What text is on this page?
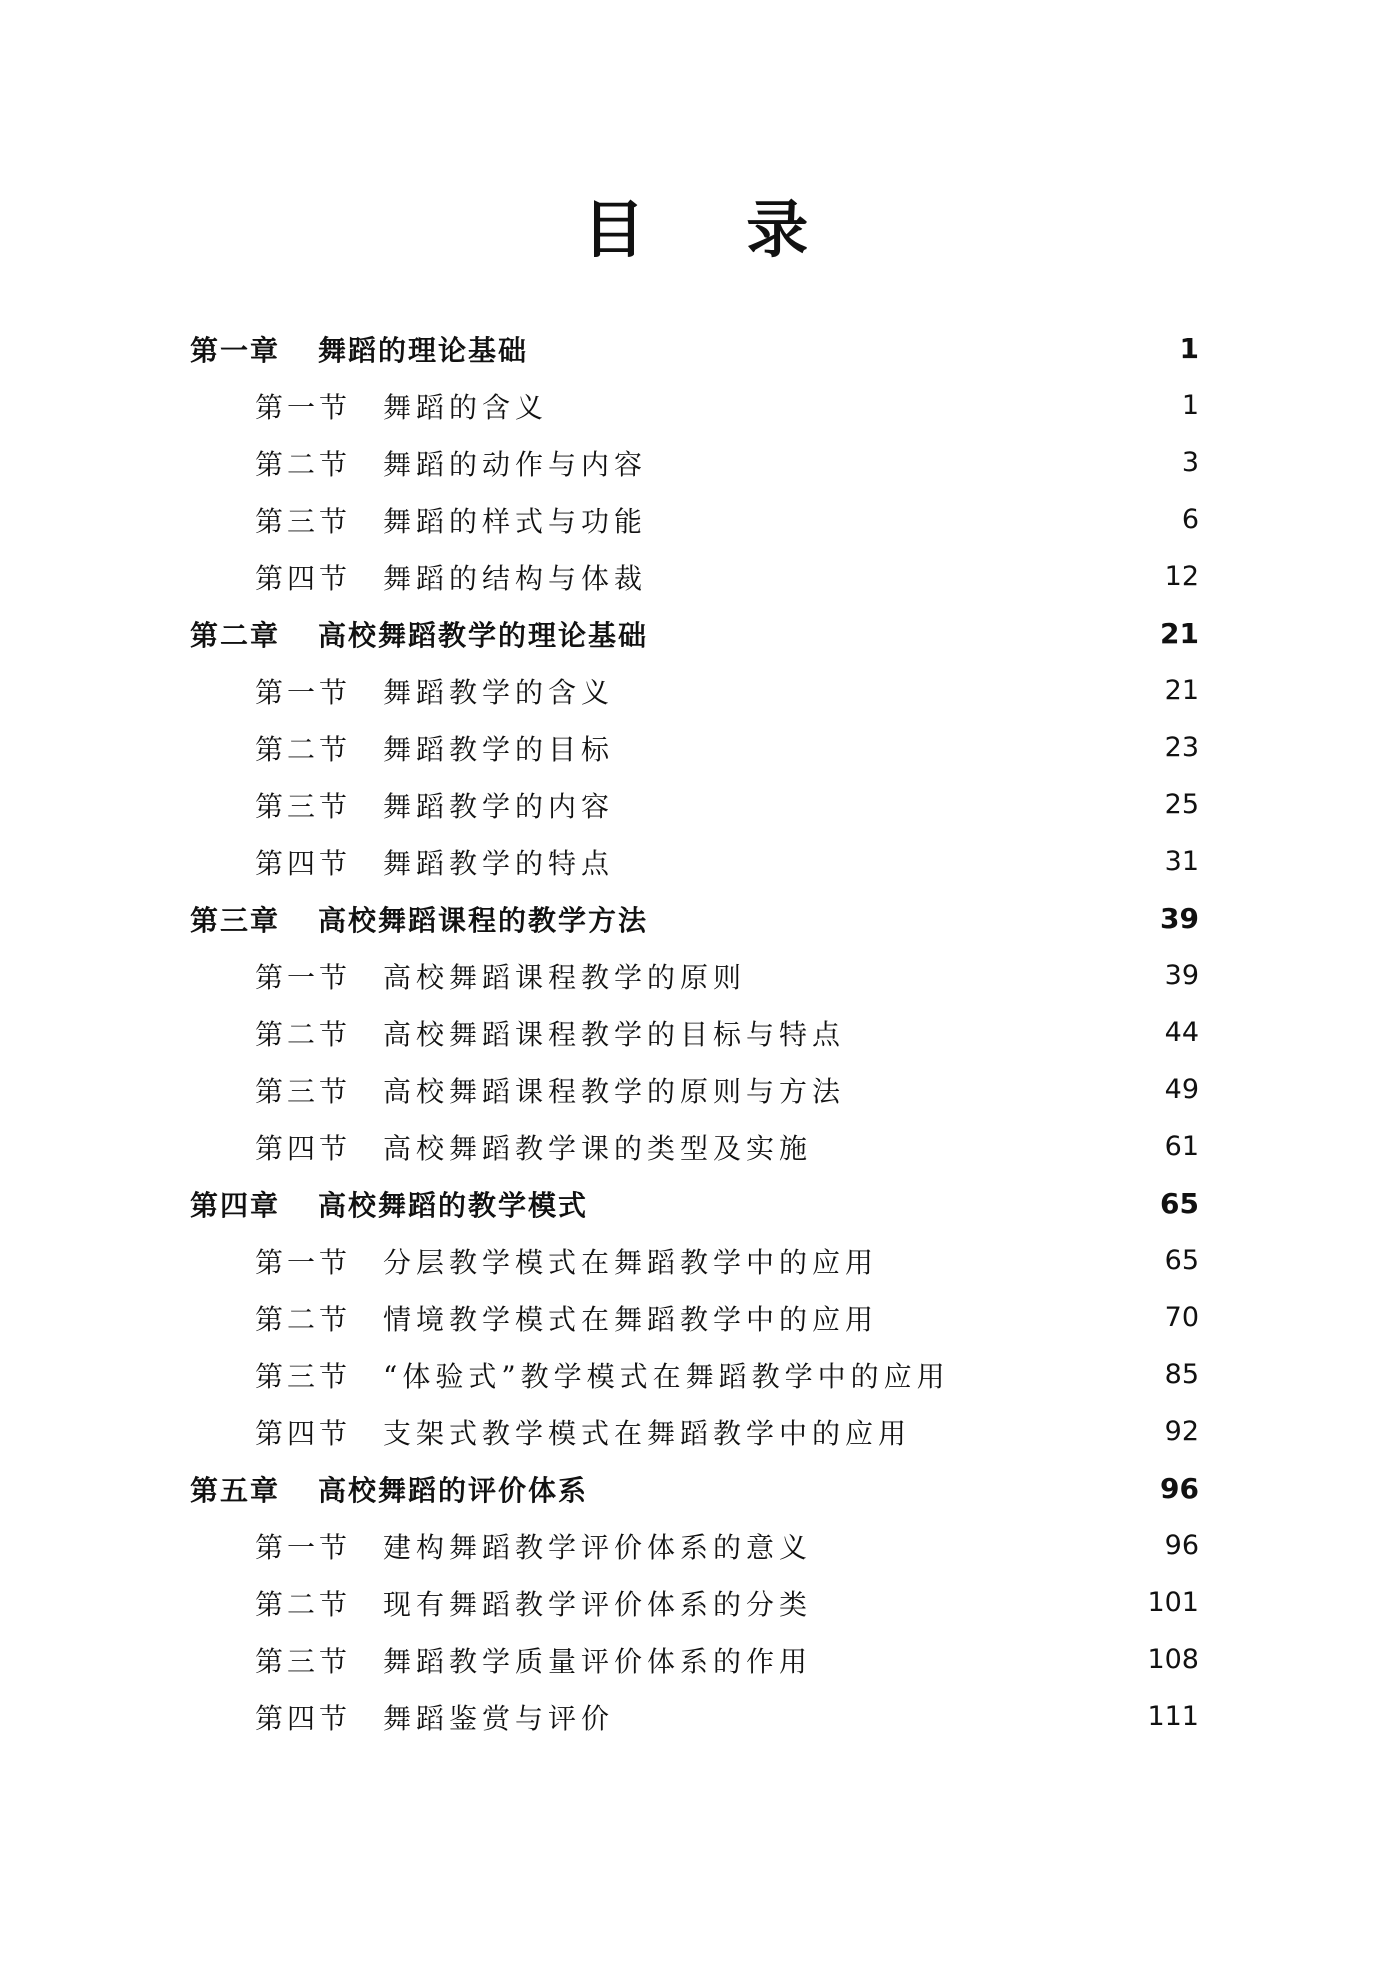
目 录
第一章	舞蹈的理论基础	1
第一节	舞蹈的含义	1
第二节	舞蹈的动作与内容	3
第三节	舞蹈的样式与功能	6
第四节	舞蹈的结构与体裁	12
第二章	高校舞蹈教学的理论基础	21
第一节	舞蹈教学的含义	21
第二节	舞蹈教学的目标	23
第三节	舞蹈教学的内容	25
第四节	舞蹈教学的特点	31
第三章	高校舞蹈课程的教学方法	39
第一节	高校舞蹈课程教学的原则	39
第二节	高校舞蹈课程教学的目标与特点	44
第三节	高校舞蹈课程教学的原则与方法	49
第四节	高校舞蹈教学课的类型及实施	61
第四章	高校舞蹈的教学模式	65
第一节	分层教学模式在舞蹈教学中的应用	65
第二节	情境教学模式在舞蹈教学中的应用	70
第三节	“体验式”教学模式在舞蹈教学中的应用	85
第四节	支架式教学模式在舞蹈教学中的应用	92
第五章	高校舞蹈的评价体系	96
第一节	建构舞蹈教学评价体系的意义	96
第二节	现有舞蹈教学评价体系的分类	101
第三节	舞蹈教学质量评价体系的作用	108
第四节	舞蹈鉴赏与评价	111
